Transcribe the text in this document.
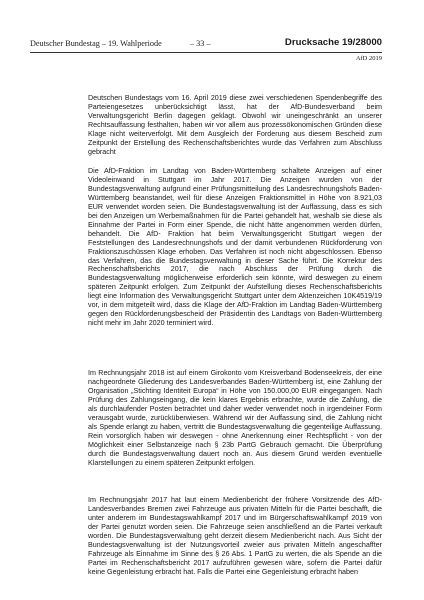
Deutscher Bundestag – 19. Wahlperiode	– 33 –	Drucksache 19/28000
AfD 2019
Deutschen Bundestags vom 16. April 2019 diese zwei verschiedenen Spendenbegriffe des Parteiengesetzes unberücksichtigt lässt, hat der AfD-Bundesverband beim Verwaltungsgericht Berlin dagegen geklagt. Obwohl wir uneingeschränkt an unserer Rechtsauffassung festhalten, haben wir vor allem aus prozessökonomischen Gründen diese Klage nicht weiterverfolgt. Mit dem Ausgleich der Forderung aus diesem Bescheid zum Zeitpunkt der Erstellung des Rechenschaftsberichtes wurde das Verfahren zum Abschluss gebracht
Die AfD-Fraktion im Landtag von Baden-Württemberg schaltete Anzeigen auf einer Videoleinwand in Stuttgart im Jahr 2017. Die Anzeigen wurden von der Bundestagsverwaltung aufgrund einer Prüfungsmitteilung des Landesrechnungshofs Baden-Württemberg beanstandet, weil für diese Anzeigen Fraktionsmittel in Höhe von 8.921,03 EUR verwendet worden seien. Die Bundestagsverwaltung ist der Auffassung, dass es sich bei den Anzeigen um Werbemaßnahmen für die Partei gehandelt hat, weshalb sie diese als Einnahme der Partei in Form einer Spende, die nicht hätte angenommen werden dürfen, behandelt. Die AfD- Fraktion hat beim Verwaltungsgericht Stuttgart wegen der Feststellungen des Landesrechnungshofs und der damit verbundenen Rückforderung von Fraktionszuschüssen Klage erhoben. Das Verfahren ist noch nicht abgeschlossen. Ebenso das Verfahren, das die Bundestagsverwaltung in dieser Sache führt. Die Korrektur des Rechenschaftsberichts 2017, die nach Abschluss der Prüfung durch die Bundestagsverwaltung möglicherweise erforderlich sein könnte, wird deswegen zu einem späteren Zeitpunkt erfolgen. Zum Zeitpunkt der Aufstellung dieses Rechenschaftsberichts liegt eine Information des Verwaltungsgericht Stuttgart unter dem Aktenzeichen 10K4519/19 vor, in dem mitgeteilt wird, dass die Klage der AfD-Fraktion im Landtag Baden-Württemberg gegen den Rückforderungsbescheid der Präsidentin des Landtags von Baden-Württemberg nicht mehr im Jahr 2020 terminiert wird.
Im Rechnungsjahr 2018 ist auf einem Girokonto vom Kreisverband Bodenseekreis, der eine nachgeordnete Gliederung des Landesverbandes Baden-Württemberg ist, eine Zahlung der Organisation „Stichting Identiteit Europa“ in Höhe von 150.000,00 EUR eingegangen. Nach Prüfung des Zahlungseingang, die kein klares Ergebnis erbrachte, wurde die Zahlung, die als durchlaufender Posten betrachtet und daher weder verwendet noch in irgendeiner Form verausgabt wurde, zurücküberwiesen. Während wir der Auffassung sind, die Zahlung nicht als Spende erlangt zu haben, vertritt die Bundestagsverwaltung die gegenteilige Auffassung. Rein vorsorglich haben wir deswegen - ohne Anerkennung einer Rechtspflicht - von der Möglichkeit einer Selbstanzeige nach § 23b PartG Gebrauch gemacht. Die Überprüfung durch die Bundestagsverwaltung dauert noch an. Aus diesem Grund werden eventuelle Klarstellungen zu einem späteren Zeitpunkt erfolgen.
Im Rechnungsjahr 2017 hat laut einem Medienbericht der frühere Vorsitzende des AfD-Landesverbandes Bremen zwei Fahrzeuge aus privaten Mitteln für die Partei beschafft, die unter anderem im Bundestagswahlkampf 2017 und im Bürgerschaftswahlkampf 2019 von der Partei genutzt worden seien. Die Fahrzeuge seien anschließend an die Partei verkauft worden. Die Bundestagsverwaltung geht derzeit diesem Medienbericht nach. Aus Sicht der Bundestagsverwaltung ist der Nutzungsvorteil zweier aus privaten Mitteln angeschaffter Fahrzeuge als Einnahme im Sinne des § 26 Abs. 1 PartG zu werten, die als Spende an die Partei im Rechenschaftsbericht 2017 aufzuführen gewesen wäre, sofern die Partei dafür keine Gegenleistung erbracht hat. Falls die Partei eine Gegenleistung erbracht haben
